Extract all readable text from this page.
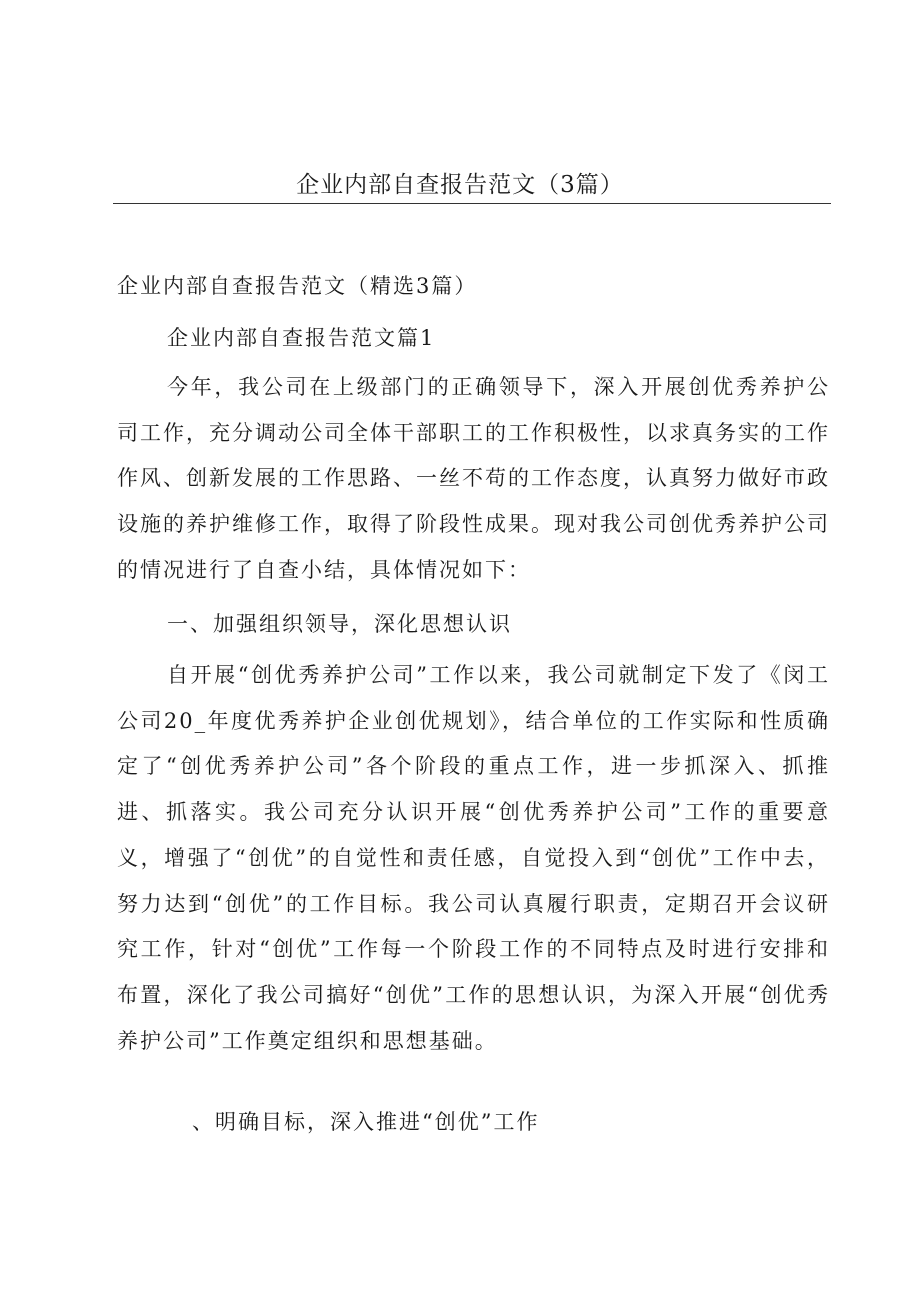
企业内部自查报告范文（3篇）

企业内部自查报告范文（精选3篇）

企业内部自查报告范文篇1

今年，我公司在上级部门的正确领导下，深入开展创优秀养护公司工作，充分调动公司全体干部职工的工作积极性，以求真务实的工作作风、创新发展的工作思路、一丝不苟的工作态度，认真努力做好市政设施的养护维修工作，取得了阶段性成果。现对我公司创优秀养护公司的情况进行了自查小结，具体情况如下：

一、加强组织领导，深化思想认识

自开展“创优秀养护公司”工作以来，我公司就制定下发了《闵工公司20_年度优秀养护企业创优规划》，结合单位的工作实际和性质确定了“创优秀养护公司”各个阶段的重点工作，进一步抓深入、抓推进、抓落实。我公司充分认识开展“创优秀养护公司”工作的重要意义，增强了“创优”的自觉性和责任感，自觉投入到“创优”工作中去，努力达到“创优”的工作目标。我公司认真履行职责，定期召开会议研究工作，针对“创优”工作每一个阶段工作的不同特点及时进行安排和布置，深化了我公司搞好“创优”工作的思想认识，为深入开展“创优秀养护公司”工作奠定组织和思想基础。

、明确目标，深入推进“创优”工作
